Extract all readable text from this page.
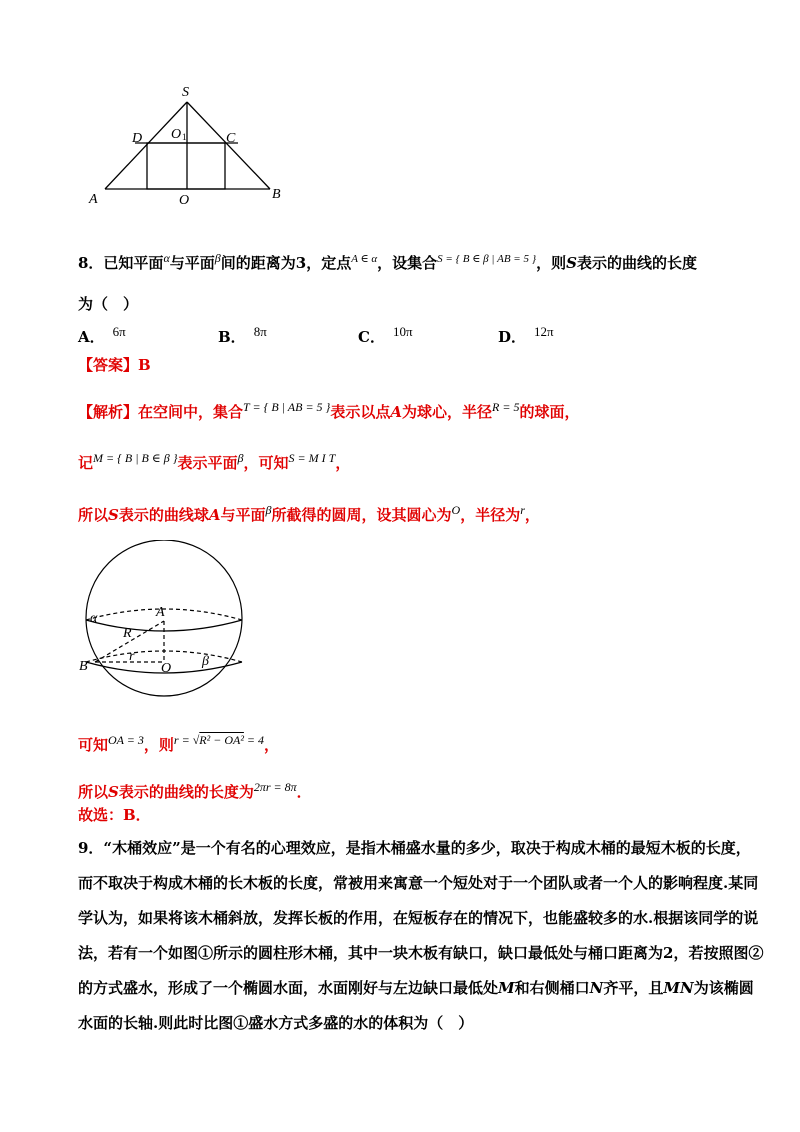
S
D O 1	C
A	O	B
8．已知平面$^\alpha$与平面$^\beta$间的距离为3，定点$^{A \in \alpha}$，设集合$^{S = \{ B \in \beta | AB = 5 \}}$，则S表示的曲线的长度
为（　）
A． $^{6\pi}$	B． $^{8\pi}$	C． $^{10\pi}$	D． $^{12\pi}$
【答案】B
【解析】在空间中，集合$^{T = \{ B | AB = 5 \}}$表示以点A为球心，半径$^{R = 5}$的球面，
记$^{M = \{ B | B \in \beta \}}$表示平面$^\beta$，可知$^{S = M I T}$，
所以S表示的曲线球A与平面$^\beta$所截得的圆周，设其圆心为$^O$，半径为$^r$，
α	A
R
B
r
O β
可知$^{OA = 3}$，则$^{r = √R^2 - OA^2 = 4}$，
所以S表示的曲线的长度为$^{2\pi r = 8\pi}$．
故选：B．
9．“木桶效应”是一个有名的心理效应，是指木桶盛水量的多少，取决于构成木桶的最短木板的长度，
而不取决于构成木桶的长木板的长度，常被用来寓意一个短处对于一个团队或者一个人的影响程度.某同
学认为，如果将该木桶斜放，发挥长板的作用，在短板存在的情况下，也能盛较多的水.根据该同学的说
法，若有一个如图①所示的圆柱形木桶，其中一块木板有缺口，缺口最低处与桶口距离为2，若按照图②
的方式盛水，形成了一个椭圆水面，水面刚好与左边缺口最低处M和右侧桶口N齐平，且MN为该椭圆
水面的长轴.则此时比图①盛水方式多盛的水的体积为（　）
